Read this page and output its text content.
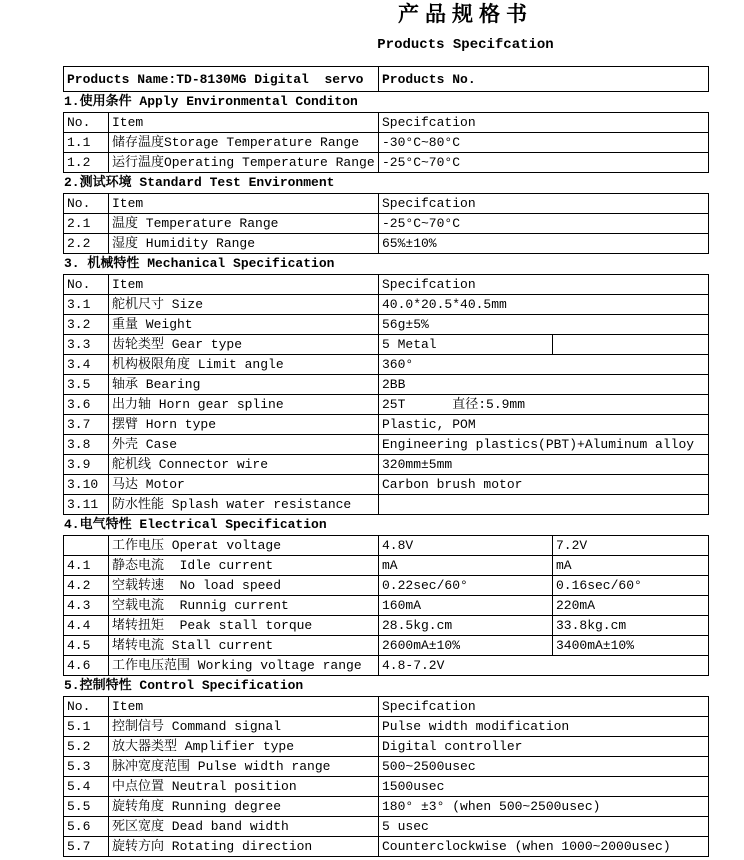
产品规格书
Products Specifcation
Products Name:TD-8130MG Digital  servo	Products No.
1.使用条件 Apply Environmental Conditon
No.	Item	Specifcation
1.1	储存温度Storage Temperature Range	-30°C~80°C
1.2	运行温度Operating Temperature Range	-25°C~70°C
2.测试环境 Standard Test Environment
No.	Item	Specifcation
2.1	温度 Temperature Range	-25°C~70°C
2.2	湿度 Humidity Range	65%±10%
3. 机械特性 Mechanical Specification
No.	Item	Specifcation	
3.1	舵机尺寸 Size	40.0*20.5*40.5mm	
3.2	重量 Weight	56g±5%	
3.3	齿轮类型 Gear type	5 Metal	
3.4	机构极限角度 Limit angle	360°	
3.5	轴承 Bearing	2BB	
3.6	出力轴 Horn gear spline	25T      直径:5.9mm	
3.7	摆臂 Horn type	Plastic, POM	
3.8	外壳 Case	Engineering plastics(PBT)+Aluminum alloy	
3.9	舵机线 Connector wire	320mm±5mm	
3.10	马达 Motor	Carbon brush motor	
3.11	防水性能 Splash water resistance		
4.电气特性 Electrical Specification
	工作电压 Operat voltage	4.8V	7.2V
4.1	静态电流  Idle current	mA	mA
4.2	空载转速  No load speed	0.22sec/60°	0.16sec/60°
4.3	空载电流  Runnig current	160mA	220mA
4.4	堵转扭矩  Peak stall torque	28.5kg.cm	33.8kg.cm
4.5	堵转电流 Stall current	2600mA±10%	3400mA±10%
4.6	工作电压范围 Working voltage range	4.8-7.2V	
5.控制特性 Control Specification
No.	Item	Specifcation
5.1	控制信号 Command signal	Pulse width modification
5.2	放大器类型 Amplifier type	Digital controller
5.3	脉冲宽度范围 Pulse width range	500~2500usec
5.4	中点位置 Neutral position	1500usec
5.5	旋转角度 Running degree	180° ±3° (when 500~2500usec)
5.6	死区宽度 Dead band width	5 usec
5.7	旋转方向 Rotating direction	Counterclockwise (when 1000~2000usec)
